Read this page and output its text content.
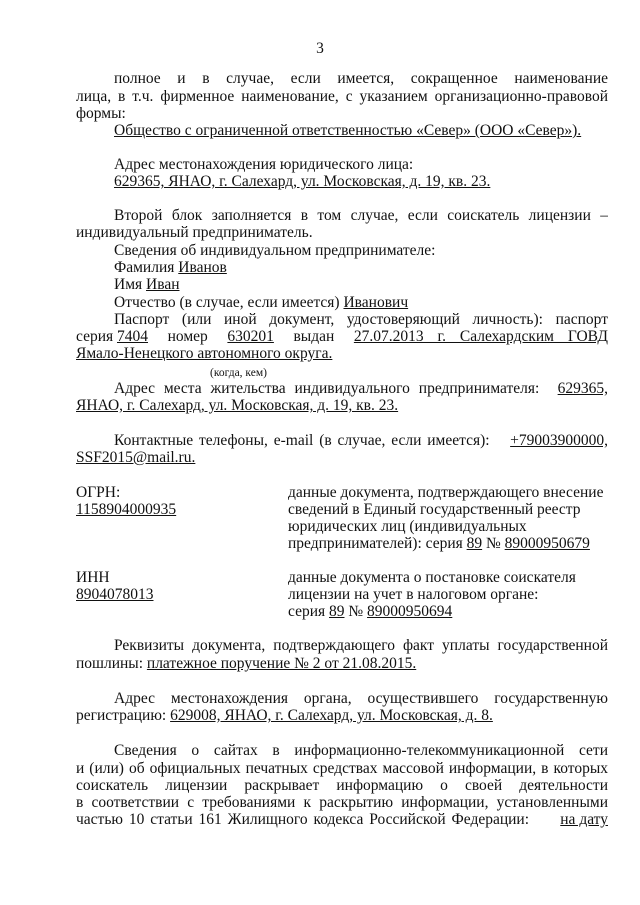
3
полное и в случае, если имеется, сокращенное наименование
лица, в т.ч. фирменное наименование, с указанием организационно-правовой
формы:
Общество с ограниченной ответственностью «Север» (ООО «Север»).
Адрес местонахождения юридического лица:
629365, ЯНАО, г. Салехард, ул. Московская, д. 19, кв. 23.
Второй блок заполняется в том случае, если соискатель лицензии –
индивидуальный предприниматель.
Сведения об индивидуальном предпринимателе:
Фамилия Иванов
Имя Иван
Отчество (в случае, если имеется) Иванович
Паспорт (или иной документ, удостоверяющий личность): паспорт
серия 7404 номер 630201 выдан 27.07.2013 г. Салехардским ГОВД
Ямало-Ненецкого автономного округа.
(когда, кем)
Адрес места жительства индивидуального предпринимателя: 629365,
ЯНАО, г. Салехард, ул. Московская, д. 19, кв. 23.
Контактные телефоны, e-mail (в случае, если имеется): +79003900000,
SSF2015@mail.ru.
ОГРН:
1158904000935
данные документа, подтверждающего внесение
сведений в Единый государственный реестр
юридических лиц (индивидуальных
предпринимателей): серия 89 № 89000950679
ИНН
8904078013
данные документа о постановке соискателя
лицензии на учет в налоговом органе:
серия 89 № 89000950694
Реквизиты документа, подтверждающего факт уплаты государственной
пошлины: платежное поручение № 2 от 21.08.2015.
Адрес местонахождения органа, осуществившего государственную
регистрацию: 629008, ЯНАО, г. Салехард, ул. Московская, д. 8.
Сведения о сайтах в информационно-телекоммуникационной сети
и (или) об официальных печатных средствах массовой информации, в которых
соискатель лицензии раскрывает информацию о своей деятельности
в соответствии с требованиями к раскрытию информации, установленными
частью 10 статьи 161 Жилищного кодекса Российской Федерации: на дату
